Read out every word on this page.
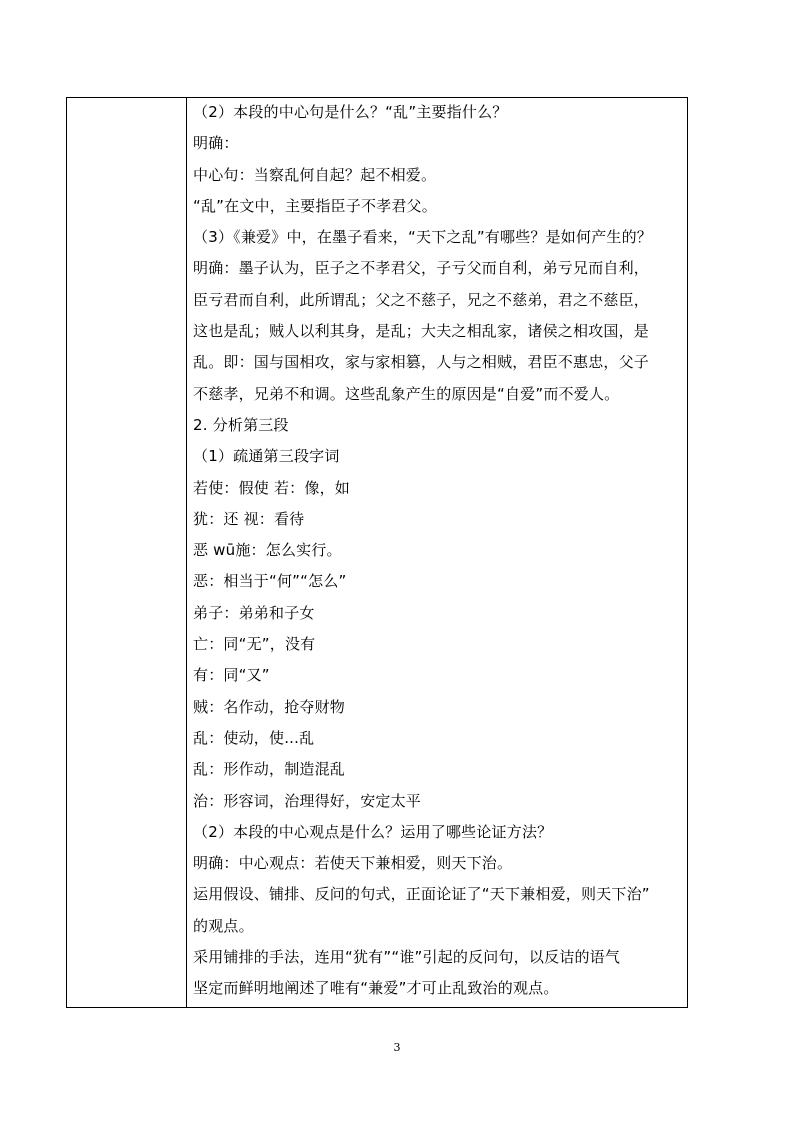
（2）本段的中心句是什么？“乱”主要指什么？
明确：
中心句：当察乱何自起？起不相爱。
“乱”在文中，主要指臣子不孝君父。
（3）《兼爱》中，在墨子看来，“天下之乱”有哪些？是如何产生的？
明确：墨子认为，臣子之不孝君父，子亏父而自利，弟亏兄而自利，
臣亏君而自利，此所谓乱；父之不慈子，兄之不慈弟，君之不慈臣，
这也是乱；贼人以利其身，是乱；大夫之相乱家，诸侯之相攻国，是
乱。即：国与国相攻，家与家相篡，人与之相贼，君臣不惠忠，父子
不慈孝，兄弟不和调。这些乱象产生的原因是“自爱”而不爱人。
2. 分析第三段
（1）疏通第三段字词
若使：假使 若：像，如
犹：还 视：看待
恶 wū施：怎么实行。
恶：相当于“何”“怎么”
弟子：弟弟和子女
亡：同“无”，没有
有：同“又”
贼：名作动，抢夺财物
乱：使动，使...乱
乱：形作动，制造混乱
治：形容词，治理得好，安定太平
（2）本段的中心观点是什么？运用了哪些论证方法？
明确：中心观点：若使天下兼相爱，则天下治。
运用假设、铺排、反问的句式，正面论证了“天下兼相爱，则天下治”
的观点。
采用铺排的手法，连用“犹有”“谁”引起的反问句，以反诘的语气
坚定而鲜明地阐述了唯有“兼爱”才可止乱致治的观点。
3
